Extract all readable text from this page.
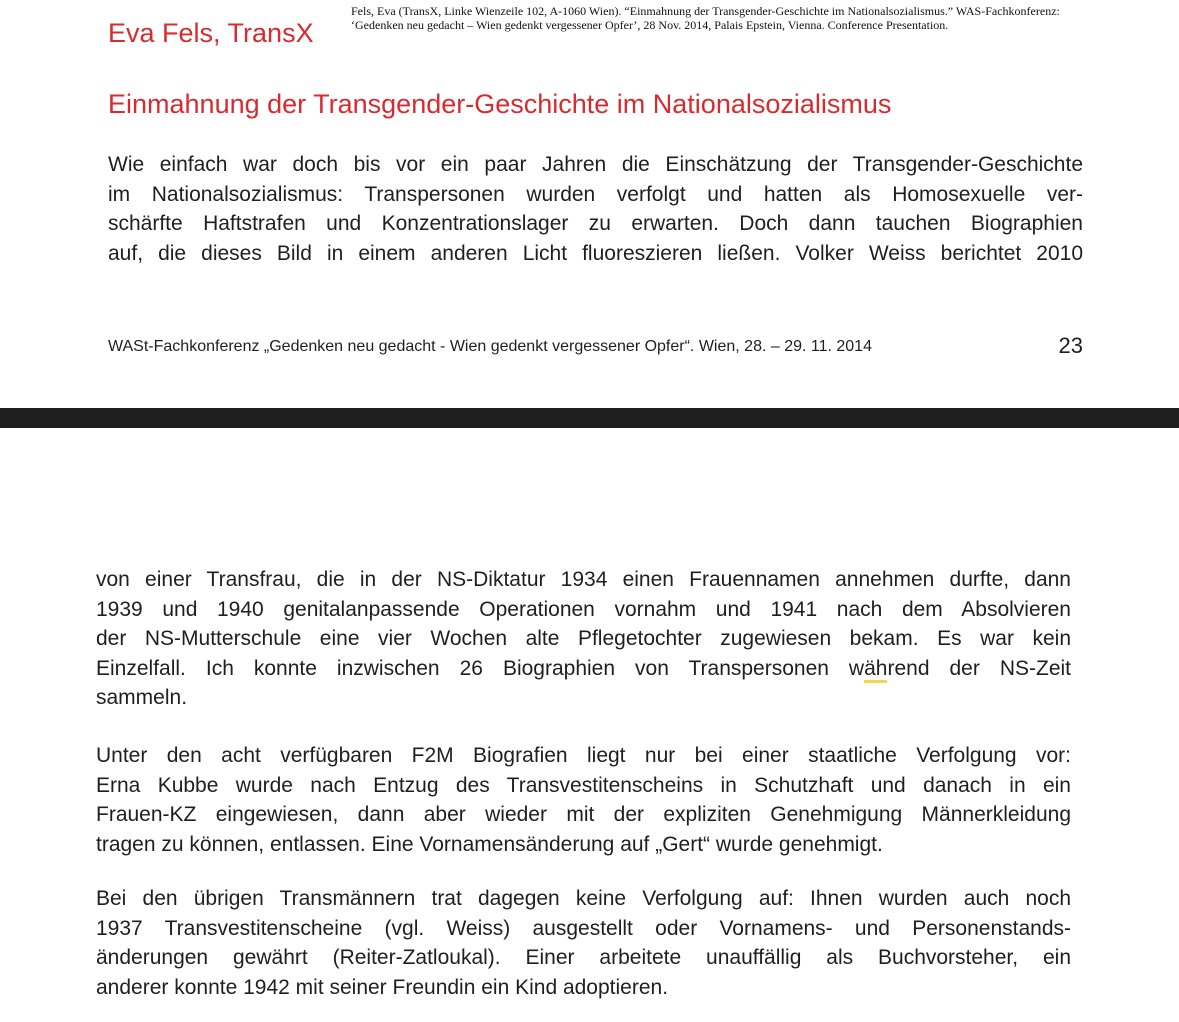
Fels, Eva (TransX, Linke Wienzeile 102, A-1060 Wien). “Einmahnung der Transgender-Geschichte im Nationalsozialismus.” WAS-Fachkonferenz:

‘Gedenken neu gedacht – Wien gedenkt vergessener Opfer’, 28 Nov. 2014, Palais Epstein, Vienna. Conference Presentation.

Eva Fels, TransX
Einmahnung der Transgender-Geschichte im Nationalsozialismus
Wie einfach war doch bis vor ein paar Jahren die Einschätzung der Transgender-Geschichte
im Nationalsozialismus: Transpersonen wurden verfolgt und hatten als Homosexuelle ver-
schärfte Haftstrafen und Konzentrationslager zu erwarten. Doch dann tauchen Biographien
auf, die dieses Bild in einem anderen Licht fluoreszieren ließen. Volker Weiss berichtet 2010
WASt-Fachkonferenz „Gedenken neu gedacht - Wien gedenkt vergessener Opfer“. Wien, 28. – 29. 11. 2014	23
von einer Transfrau, die in der NS-Diktatur 1934 einen Frauennamen annehmen durfte, dann
1939 und 1940 genitalanpassende Operationen vornahm und 1941 nach dem Absolvieren
der NS-Mutterschule eine vier Wochen alte Pflegetochter zugewiesen bekam. Es war kein
Einzelfall. Ich konnte inzwischen 26 Biographien von Transpersonen während der NS-Zeit
sammeln.
Unter den acht verfügbaren F2M Biografien liegt nur bei einer staatliche Verfolgung vor:
Erna Kubbe wurde nach Entzug des Transvestitenscheins in Schutzhaft und danach in ein
Frauen-KZ eingewiesen, dann aber wieder mit der expliziten Genehmigung Männerkleidung
tragen zu können, entlassen. Eine Vornamensänderung auf „Gert“ wurde genehmigt.
Bei den übrigen Transmännern trat dagegen keine Verfolgung auf: Ihnen wurden auch noch
1937 Transvestitenscheine (vgl. Weiss) ausgestellt oder Vornamens- und Personenstands-
änderungen gewährt (Reiter-Zatloukal). Einer arbeitete unauffällig als Buchvorsteher, ein
anderer konnte 1942 mit seiner Freundin ein Kind adoptieren.
